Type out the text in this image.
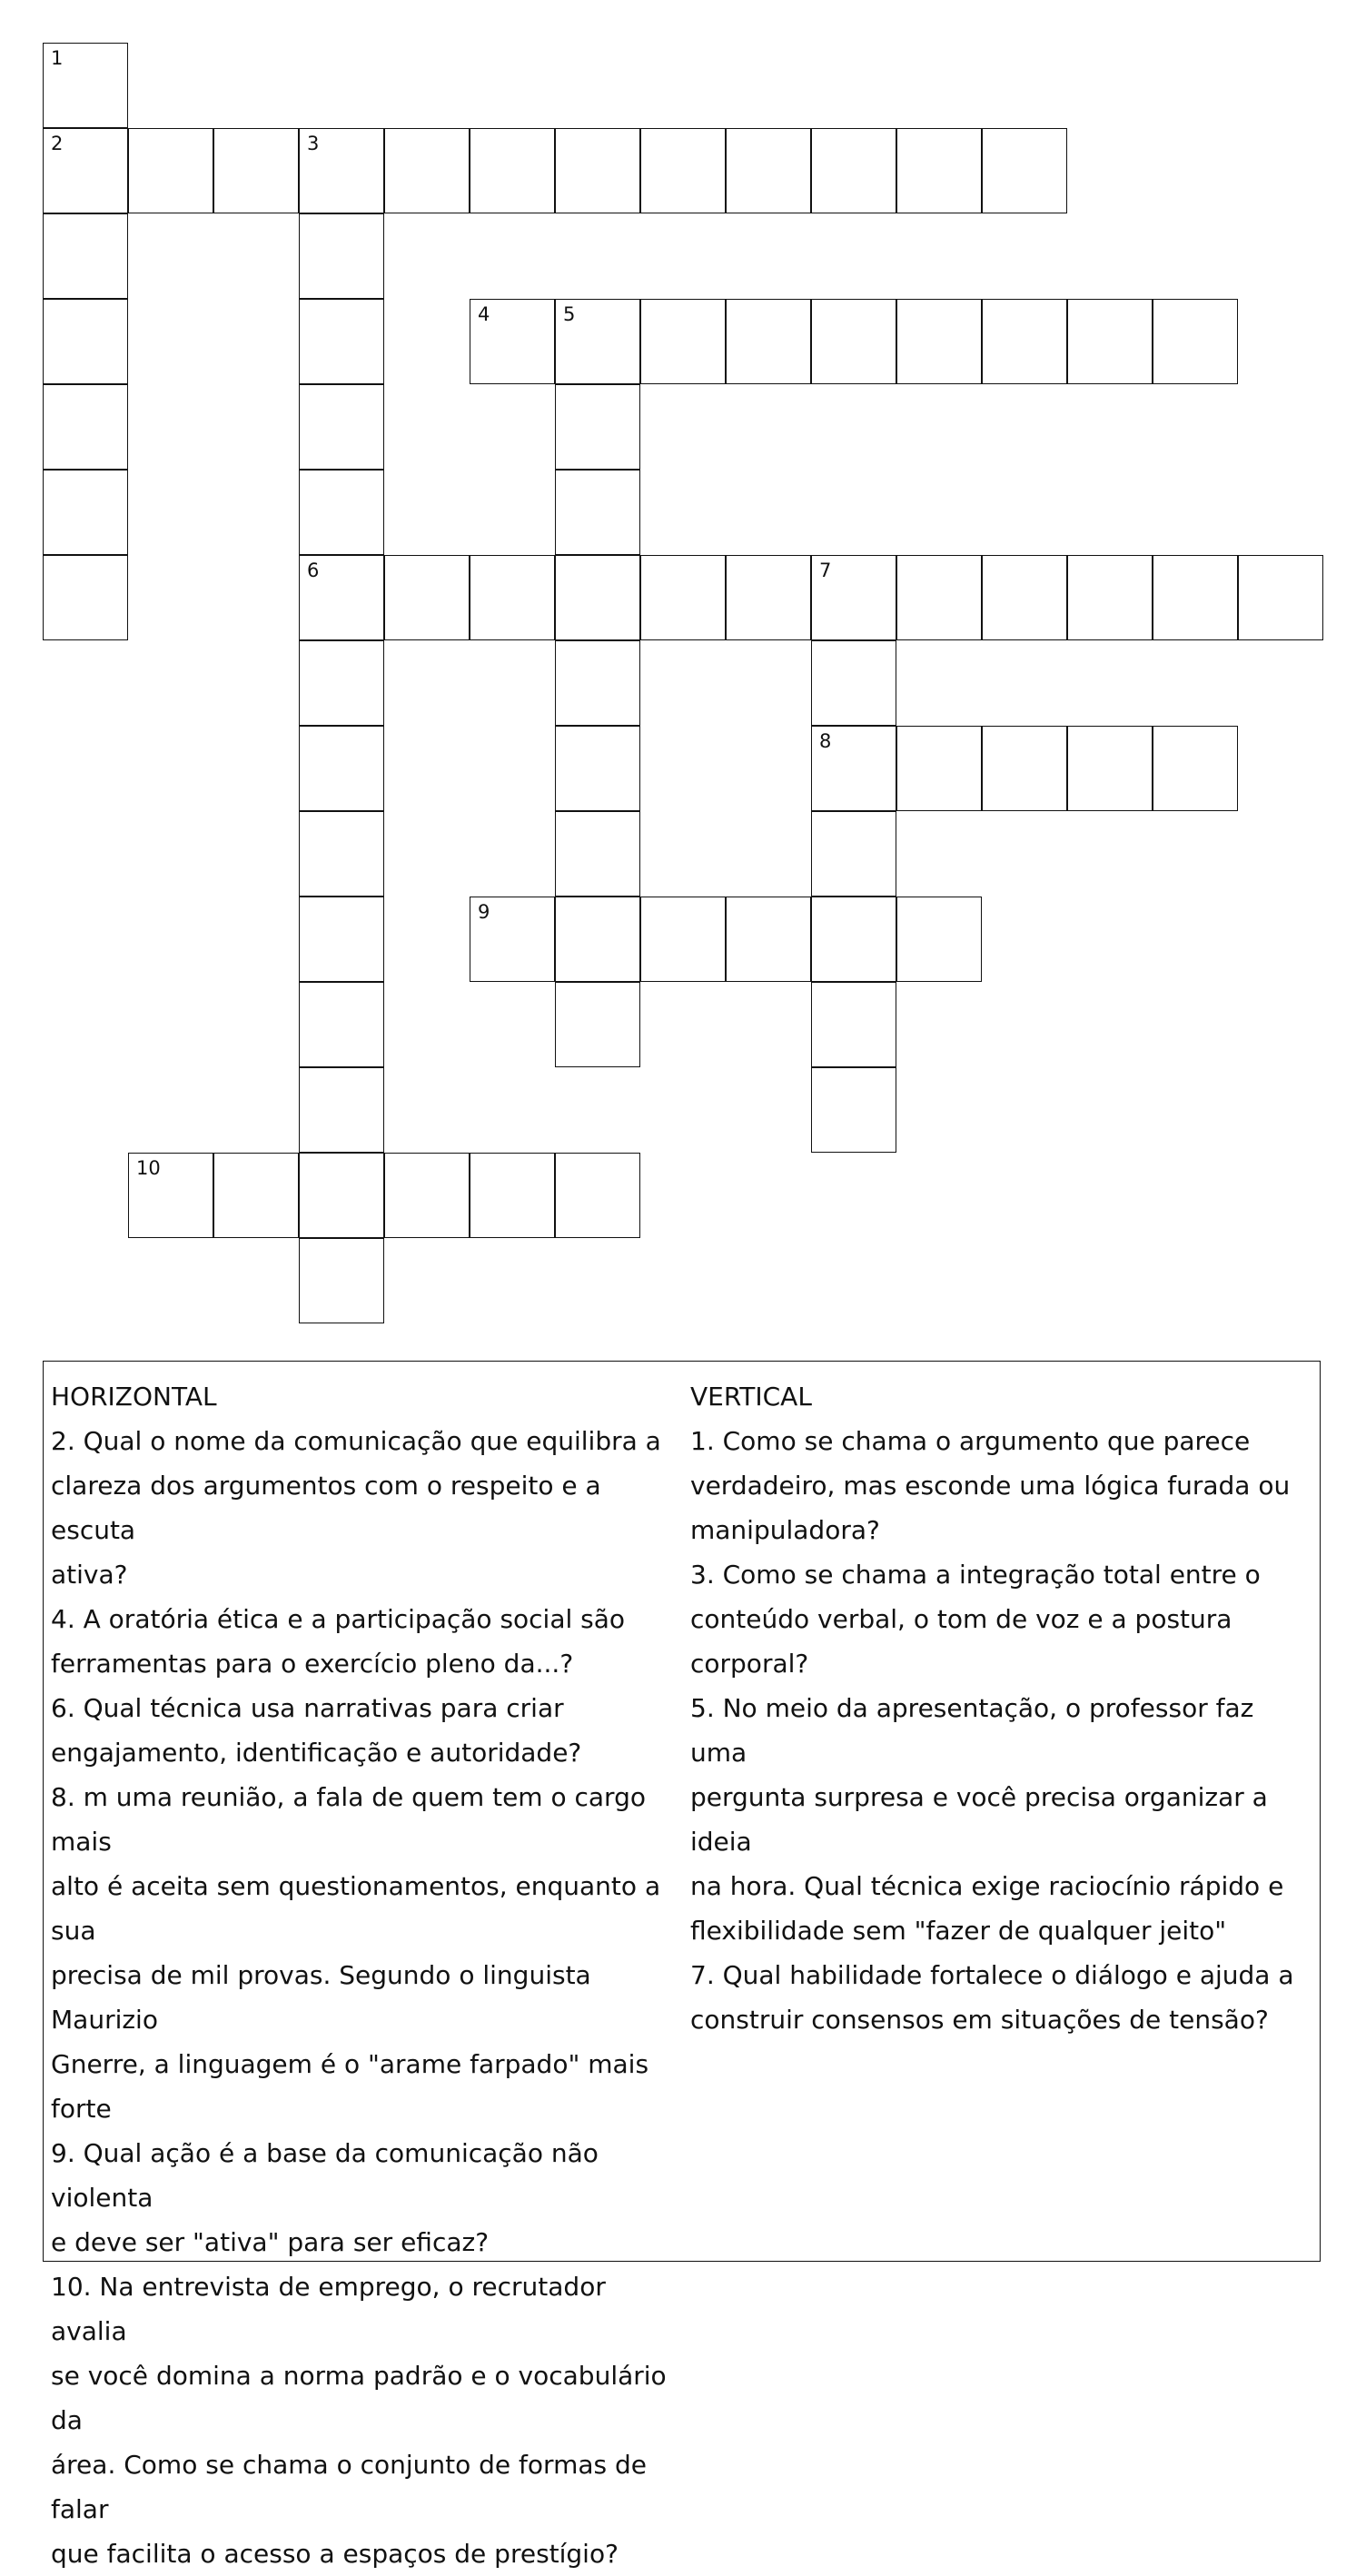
1
2	3
4	5
6	7
8
9
10

HORIZONTAL

2. Qual o nome da comunicação que equilibra a

clareza dos argumentos com o respeito e a escuta

ativa?

4. A oratória ética e a participação social são

ferramentas para o exercício pleno da...?

6. Qual técnica usa narrativas para criar

engajamento, identificação e autoridade?

8. m uma reunião, a fala de quem tem o cargo mais

alto é aceita sem questionamentos, enquanto a sua

precisa de mil provas. Segundo o linguista Maurizio

Gnerre, a linguagem é o "arame farpado" mais

forte

9. Qual ação é a base da comunicação não violenta

e deve ser "ativa" para ser eficaz?

10. Na entrevista de emprego, o recrutador avalia

se você domina a norma padrão e o vocabulário da

área. Como se chama o conjunto de formas de falar

que facilita o acesso a espaços de prestígio?

VERTICAL

1. Como se chama o argumento que parece

verdadeiro, mas esconde uma lógica furada ou

manipuladora?

3. Como se chama a integração total entre o

conteúdo verbal, o tom de voz e a postura

corporal?

5. No meio da apresentação, o professor faz uma

pergunta surpresa e você precisa organizar a ideia

na hora. Qual técnica exige raciocínio rápido e

flexibilidade sem "fazer de qualquer jeito"

7. Qual habilidade fortalece o diálogo e ajuda a

construir consensos em situações de tensão?
